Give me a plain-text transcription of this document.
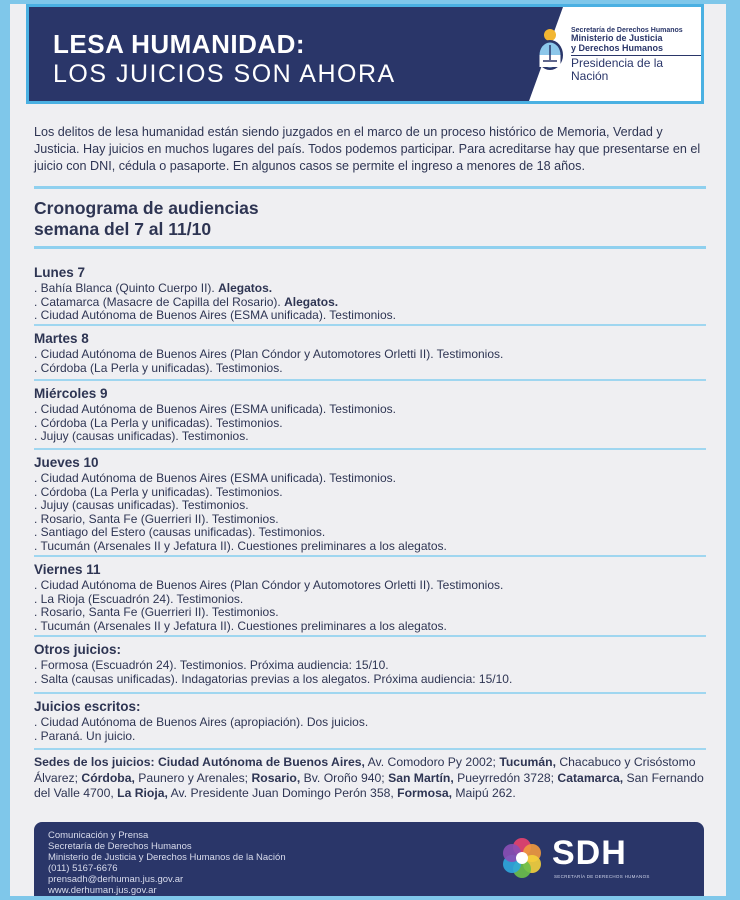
LESA HUMANIDAD:
LOS JUICIOS SON AHORA
Secretaría de Derechos Humanos
Ministerio de Justicia
y Derechos Humanos
Presidencia de la Nación
Los delitos de lesa humanidad están siendo juzgados en el marco de un proceso histórico de Memoria, Verdad y Justicia. Hay juicios en muchos lugares del país. Todos podemos participar. Para acreditarse hay que presentarse en el juicio con DNI, cédula o pasaporte. En algunos casos se permite el ingreso a menores de 18 años.
Cronograma de audiencias
semana del 7 al 11/10
Lunes 7
. Bahía Blanca (Quinto Cuerpo II). Alegatos.
. Catamarca (Masacre de Capilla del Rosario). Alegatos.
. Ciudad Autónoma de Buenos Aires (ESMA unificada). Testimonios.
Martes 8
. Ciudad Autónoma de Buenos Aires (Plan Cóndor y Automotores Orletti II). Testimonios.
. Córdoba (La Perla y unificadas). Testimonios.
Miércoles 9
. Ciudad Autónoma de Buenos Aires (ESMA unificada). Testimonios.
. Córdoba (La Perla y unificadas). Testimonios.
. Jujuy (causas unificadas). Testimonios.
Jueves 10
. Ciudad Autónoma de Buenos Aires (ESMA unificada). Testimonios.
. Córdoba (La Perla y unificadas). Testimonios.
. Jujuy (causas unificadas). Testimonios.
. Rosario, Santa Fe (Guerrieri II). Testimonios.
. Santiago del Estero (causas unificadas). Testimonios.
. Tucumán (Arsenales II y Jefatura II). Cuestiones preliminares a los alegatos.
Viernes 11
. Ciudad Autónoma de Buenos Aires (Plan Cóndor y Automotores Orletti II). Testimonios.
. La Rioja (Escuadrón 24). Testimonios.
. Rosario, Santa Fe (Guerrieri II). Testimonios.
. Tucumán (Arsenales II y Jefatura II). Cuestiones preliminares a los alegatos.
Otros juicios:
. Formosa (Escuadrón 24). Testimonios. Próxima audiencia: 15/10.
. Salta (causas unificadas). Indagatorias previas a los alegatos. Próxima audiencia: 15/10.
Juicios escritos:
. Ciudad Autónoma de Buenos Aires (apropiación). Dos juicios.
. Paraná. Un juicio.
Sedes de los juicios: Ciudad Autónoma de Buenos Aires, Av. Comodoro Py 2002; Tucumán, Chacabuco y Crisóstomo Álvarez; Córdoba, Paunero y Arenales; Rosario, Bv. Oroño 940; San Martín, Pueyrredón 3728; Catamarca, San Fernando del Valle 4700, La Rioja, Av. Presidente Juan Domingo Perón 358, Formosa, Maipú 262.
Comunicación y Prensa
Secretaría de Derechos Humanos
Ministerio de Justicia y Derechos Humanos de la Nación
(011) 5167-6676
prensadh@derhuman.jus.gov.ar
www.derhuman.jus.gov.ar
SDH
SECRETARÍA DE DERECHOS HUMANOS
